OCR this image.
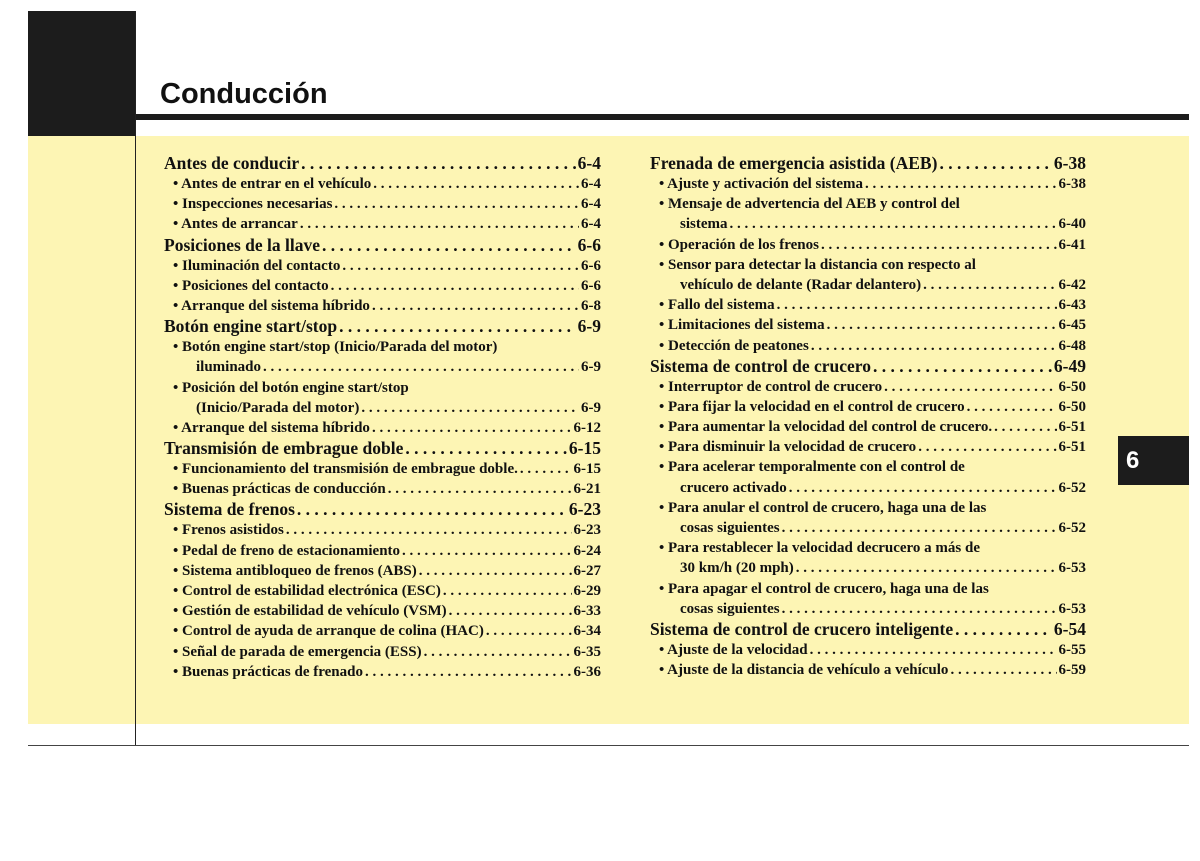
Conducción
6
Antes de conducir . . .	6-4
• Antes de entrar en el vehículo . . .	6-4
• Inspecciones necesarias . . .	6-4
• Antes de arrancar . . .	6-4
Posiciones de la llave . . .	6-6
• Iluminación del contacto . . .	6-6
• Posiciones del contacto . . .	6-6
• Arranque del sistema híbrido . . .	6-8
Botón engine start/stop . . .	6-9
• Botón engine start/stop (Inicio/Parada del motor)
iluminado . . .	6-9
• Posición del botón engine start/stop
(Inicio/Parada del motor) . . .	6-9
• Arranque del sistema híbrido . . .	6-12
Transmisión de embrague doble . . .	6-15
• Funcionamiento del transmisión de embrague doble. . . .	6-15
• Buenas prácticas de conducción . . .	6-21
Sistema de frenos . . .	6-23
• Frenos asistidos . . .	6-23
• Pedal de freno de estacionamiento . . .	6-24
• Sistema antibloqueo de frenos (ABS) . . .	6-27
• Control de estabilidad electrónica (ESC) . . .	6-29
• Gestión de estabilidad de vehículo (VSM) . . .	6-33
• Control de ayuda de arranque de colina (HAC) . . .	6-34
• Señal de parada de emergencia (ESS) . . .	6-35
• Buenas prácticas de frenado . . .	6-36
Frenada de emergencia asistida (AEB) . . .	6-38
• Ajuste y activación del sistema . . .	6-38
• Mensaje de advertencia del AEB y control del
sistema . . .	6-40
• Operación de los frenos . . .	6-41
• Sensor para detectar la distancia con respecto al
vehículo de delante (Radar delantero) . . .	6-42
• Fallo del sistema . . .	6-43
• Limitaciones del sistema . . .	6-45
• Detección de peatones . . .	6-48
Sistema de control de crucero . . .	6-49
• Interruptor de control de crucero . . .	6-50
• Para fijar la velocidad en el control de crucero . . .	6-50
• Para aumentar la velocidad del control de crucero. . . .	6-51
• Para disminuir la velocidad de crucero . . .	6-51
• Para acelerar temporalmente con el control de
crucero activado . . .	6-52
• Para anular el control de crucero, haga una de las
cosas siguientes . . .	6-52
• Para restablecer la velocidad decrucero a más de
30 km/h (20 mph) . . .	6-53
• Para apagar el control de crucero, haga una de las
cosas siguientes . . .	6-53
Sistema de control de crucero inteligente . . .	6-54
• Ajuste de la velocidad . . .	6-55
• Ajuste de la distancia de vehículo a vehículo . . .	6-59
